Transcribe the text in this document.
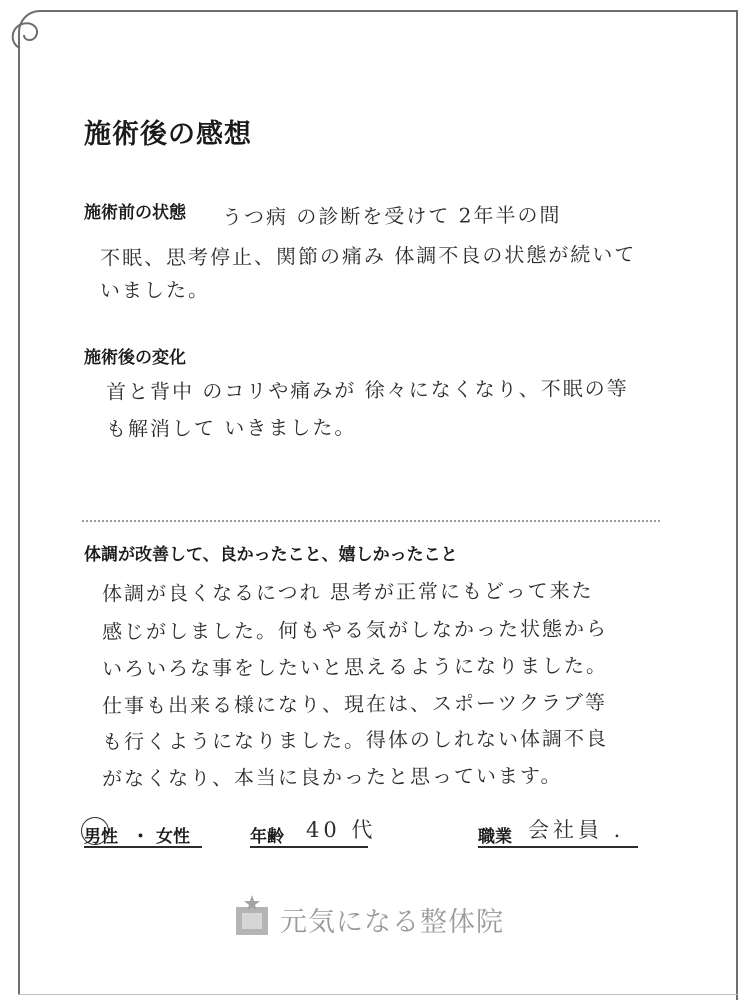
施術後の感想
施術前の状態 うつ病 の診断を受けて 2年半の間
不眠、思考停止、関節の痛み 体調不良の状態が続いて
いました。
施術後の変化
首と背中 のコリや痛みが 徐々になくなり、不眠の等
も解消して いきました。
体調が改善して、良かったこと、嬉しかったこと
体調が良くなるにつれ 思考が正常にもどって来た
感じがしました。何もやる気がしなかった状態から
いろいろな事をしたいと思えるようになりました。
仕事も出来る様になり、現在は、スポーツクラブ等
も行くようになりました。得体のしれない体調不良
がなくなり、本当に良かったと思っています。
男性 ・ 女性	年齢 40 代	職業 会社員 .
元気になる整体院
